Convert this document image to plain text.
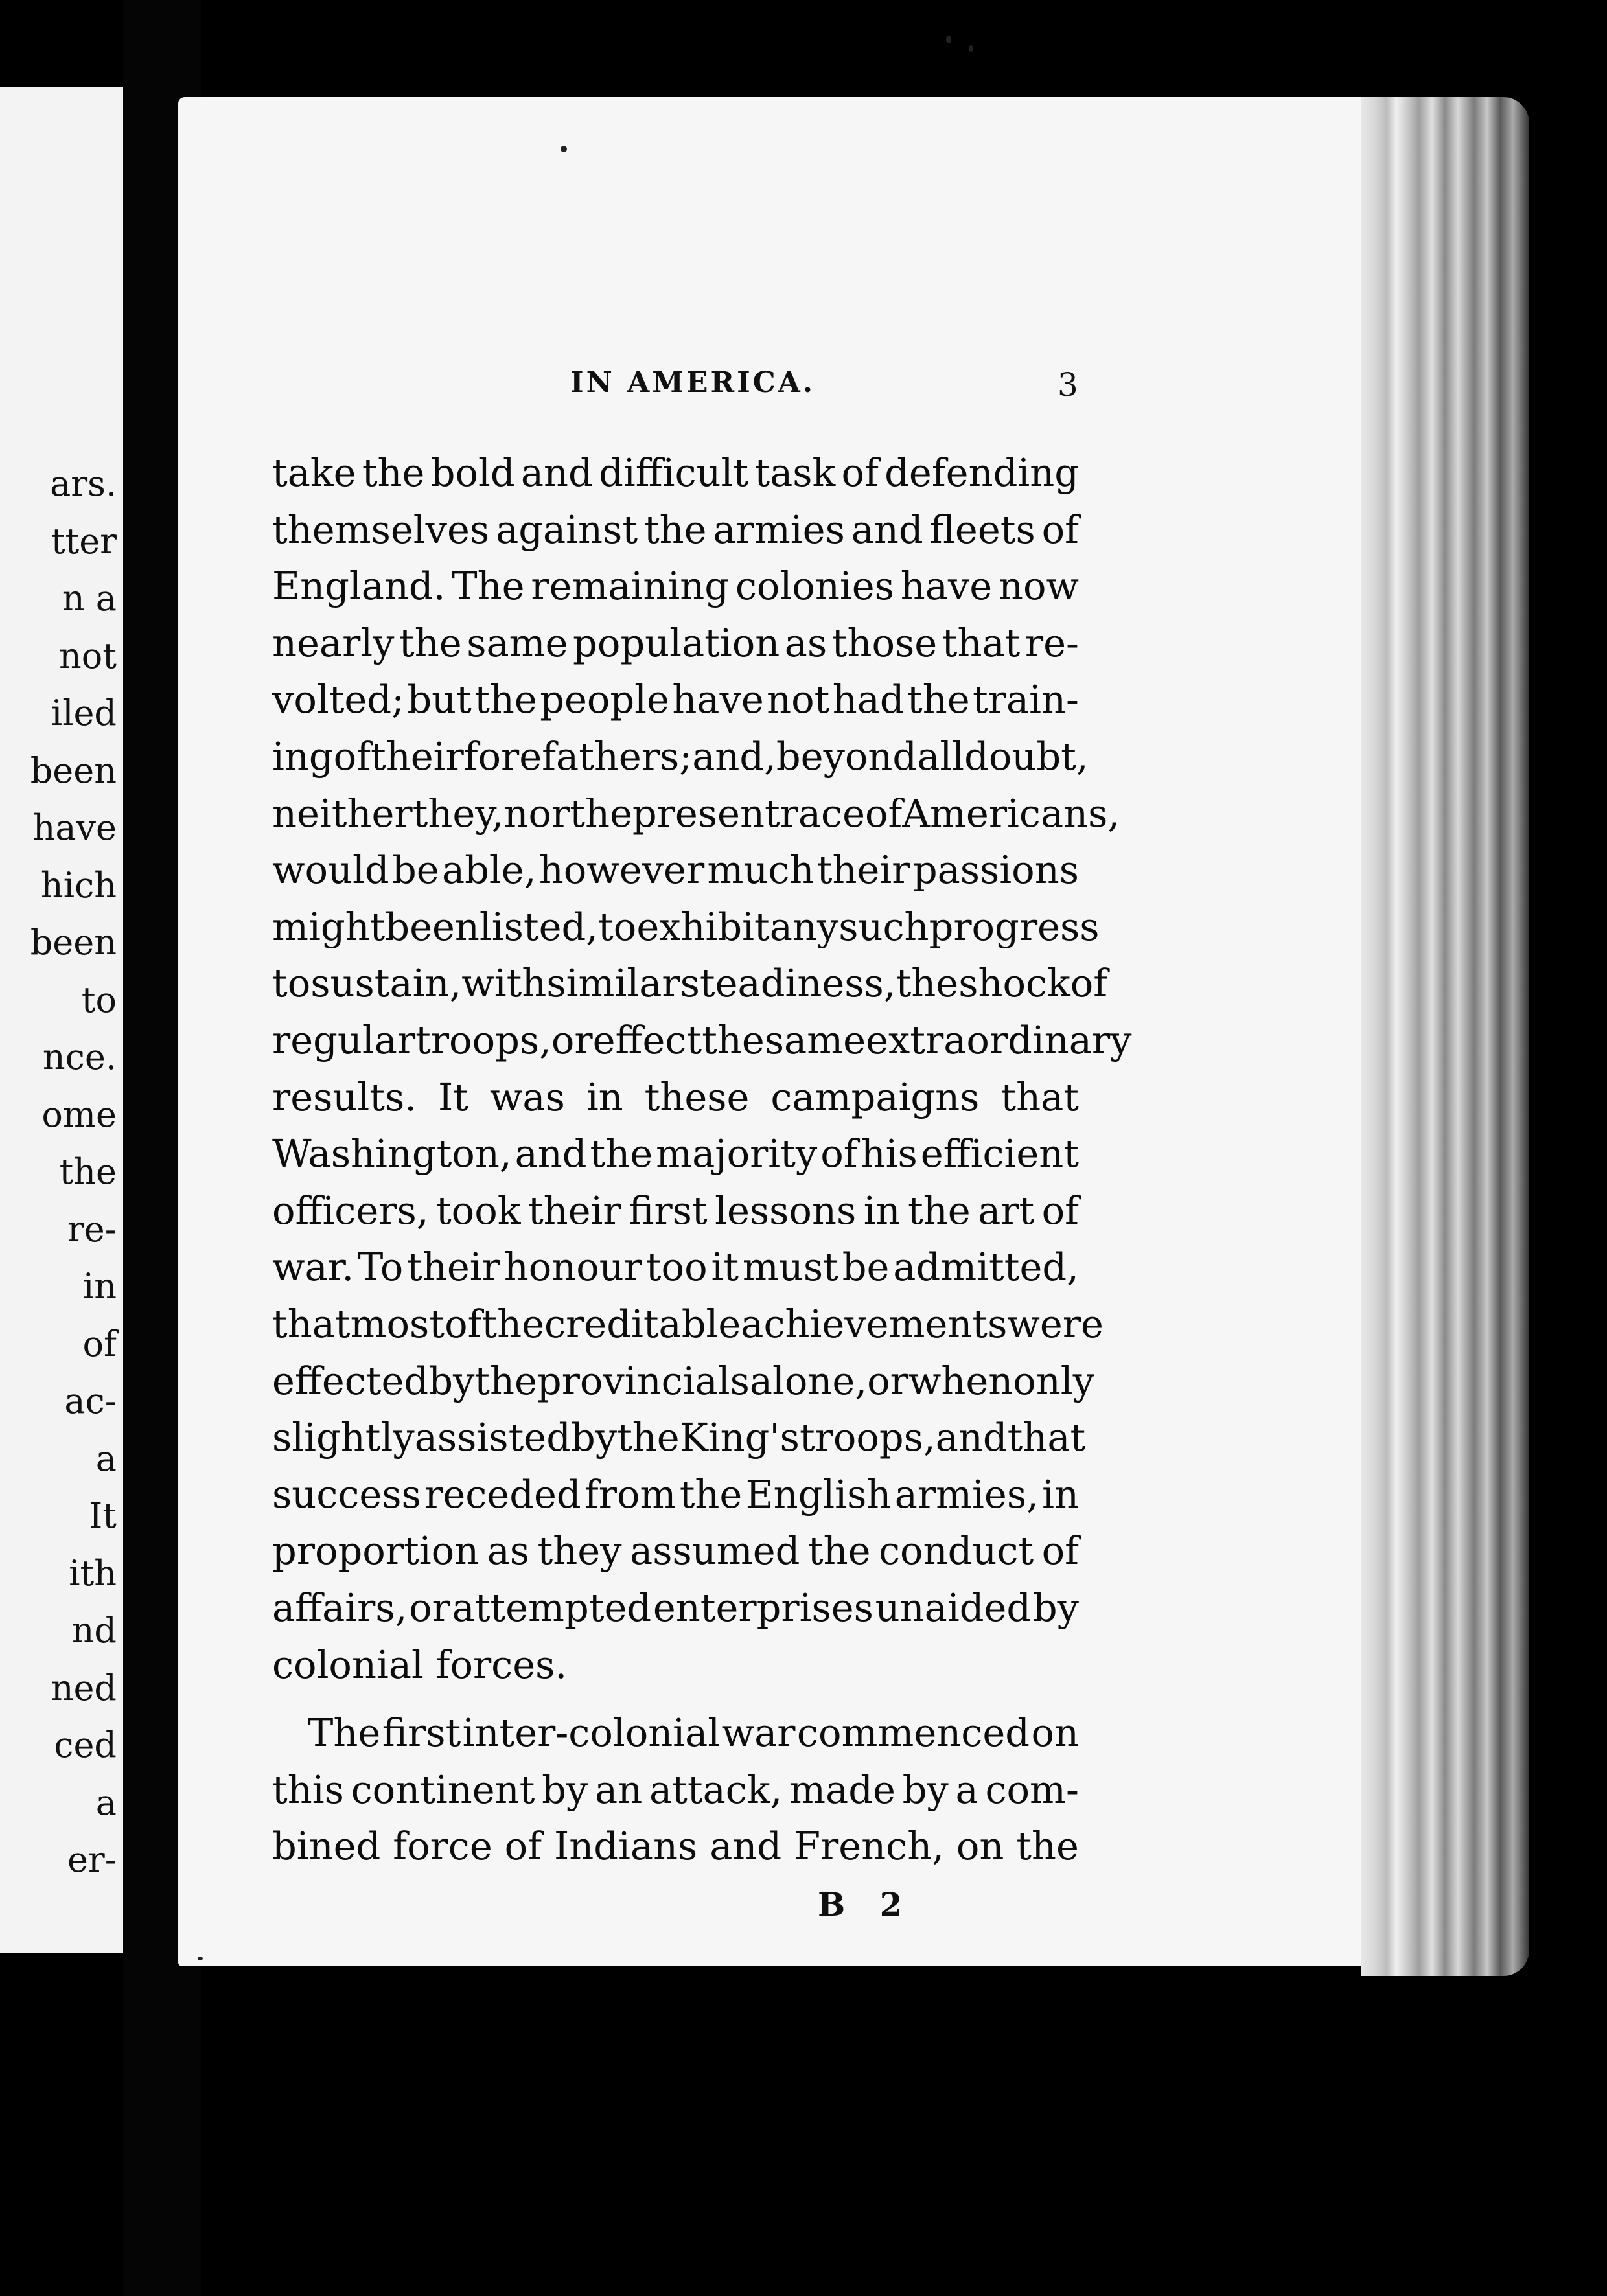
ars.
tter
n a
not
iled
been
have
hich
been
to
nce.
ome
the
re-
in
of
ac-
a
It
ith
nd
ned
ced
a
er-
IN AMERICA.	3
take the bold and difficult task of defending
themselves against the armies and fleets of
England. The remaining colonies have now
nearly the same population as those that re-
volted; but the people have not had the train-
ing of their forefathers; and, beyond all doubt,
neither they, nor the present race of Americans,
would be able, however much their passions
might be enlisted, to exhibit any such progress
to sustain, with similar steadiness, the shock of
regular troops, or effect the same extraordinary
results. It was in these campaigns that
Washington, and the majority of his efficient
officers, took their first lessons in the art of
war. To their honour too it must be admitted,
that most of the creditable achievements were
effected by the provincials alone, or when only
slightly assisted by the King's troops, and that
success receded from the English armies, in
proportion as they assumed the conduct of
affairs, or attempted enterprises unaided by
colonial forces.
The first inter-colonial war commenced on
this continent by an attack, made by a com-
bined force of Indians and French, on the
B 2
